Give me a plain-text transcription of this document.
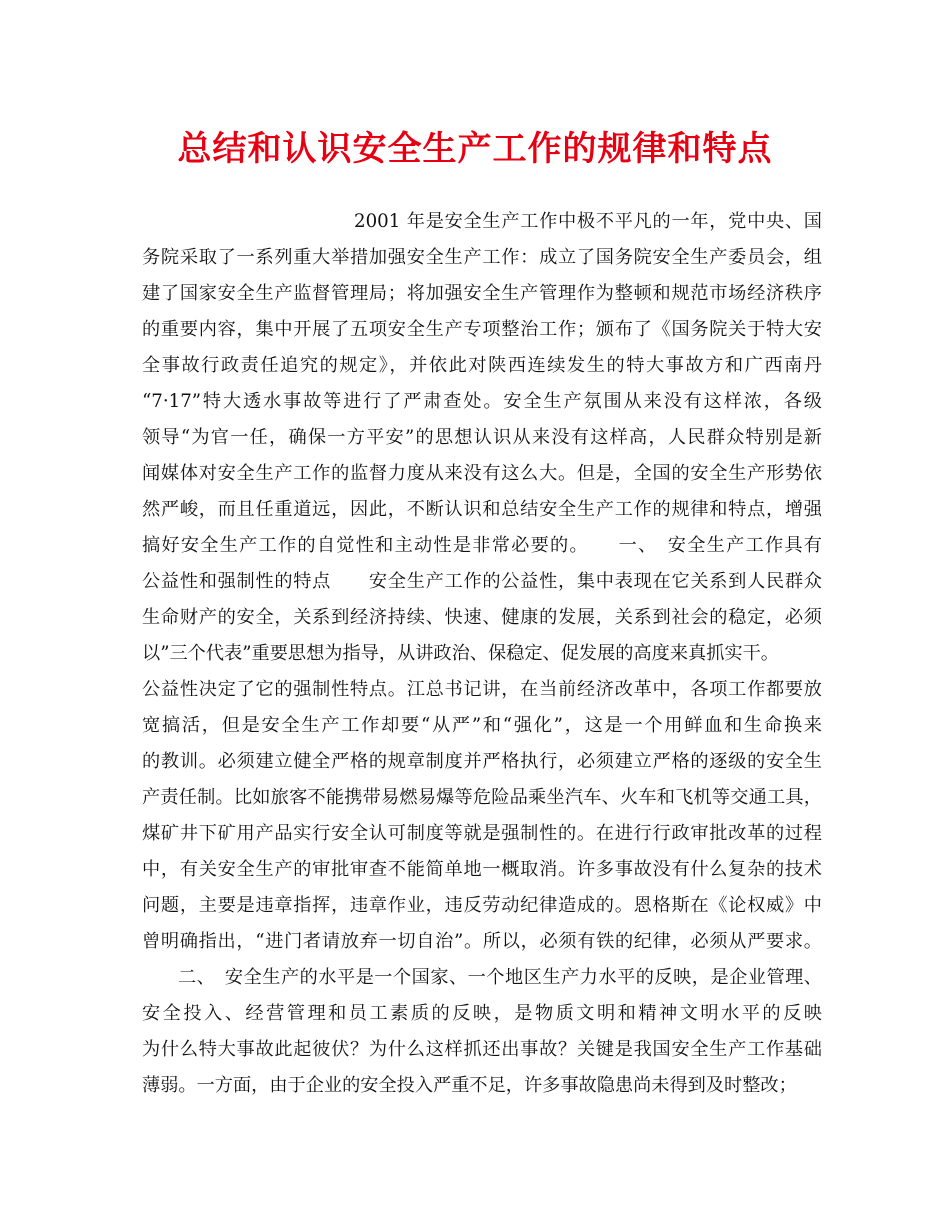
总结和认识安全生产工作的规律和特点
2001 年是安全生产工作中极不平凡的一年，党中央、国
务院采取了一系列重大举措加强安全生产工作：成立了国务院安全生产委员会，组
建了国家安全生产监督管理局；将加强安全生产管理作为整顿和规范市场经济秩序
的重要内容，集中开展了五项安全生产专项整治工作；颁布了《国务院关于特大安
全事故行政责任追究的规定》，并依此对陕西连续发生的特大事故方和广西南丹
“7·17”特大透水事故等进行了严肃查处。安全生产氛围从来没有这样浓，各级
领导“为官一任，确保一方平安”的思想认识从来没有这样高，人民群众特别是新
闻媒体对安全生产工作的监督力度从来没有这么大。但是，全国的安全生产形势依
然严峻，而且任重道远，因此，不断认识和总结安全生产工作的规律和特点，增强
搞好安全生产工作的自觉性和主动性是非常必要的。　　一、　安全生产工作具有
公益性和强制性的特点　　安全生产工作的公益性，集中表现在它关系到人民群众
生命财产的安全，关系到经济持续、快速、健康的发展，关系到社会的稳定，必须
以”三个代表”重要思想为指导，从讲政治、保稳定、促发展的高度来真抓实干。
公益性决定了它的强制性特点。江总书记讲，在当前经济改革中，各项工作都要放
宽搞活，但是安全生产工作却要“从严”和“强化”，这是一个用鲜血和生命换来
的教训。必须建立健全严格的规章制度并严格执行，必须建立严格的逐级的安全生
产责任制。比如旅客不能携带易燃易爆等危险品乘坐汽车、火车和飞机等交通工具，
煤矿井下矿用产品实行安全认可制度等就是强制性的。在进行行政审批改革的过程
中，有关安全生产的审批审查不能简单地一概取消。许多事故没有什么复杂的技术
问题，主要是违章指挥，违章作业，违反劳动纪律造成的。恩格斯在《论权威》中
曾明确指出，“进门者请放弃一切自治”。所以，必须有铁的纪律，必须从严要求。
二、　安全生产的水平是一个国家、一个地区生产力水平的反映，是企业管理、
安全投入、经营管理和员工素质的反映，是物质文明和精神文明水平的反映
为什么特大事故此起彼伏？为什么这样抓还出事故？关键是我国安全生产工作基础
薄弱。一方面，由于企业的安全投入严重不足，许多事故隐患尚未得到及时整改；
